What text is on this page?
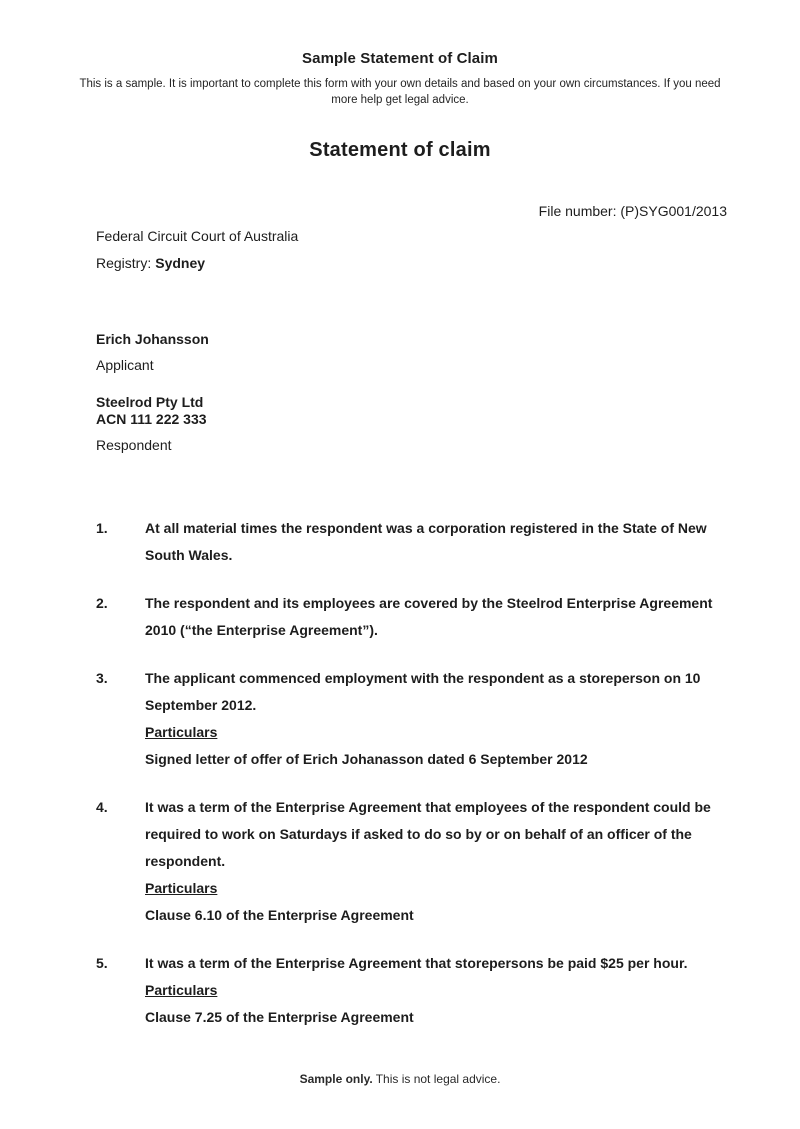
Sample Statement of Claim
This is a sample. It is important to complete this form with your own details and based on your own circumstances. If you need more help get legal advice.
Statement of claim
File number: (P)SYG001/2013
Federal Circuit Court of Australia
Registry: Sydney
Erich Johansson
Applicant
Steelrod Pty Ltd
ACN 111 222 333
Respondent
1.	At all material times the respondent was a corporation registered in the State of New South Wales.
2.	The respondent and its employees are covered by the Steelrod Enterprise Agreement 2010 (“the Enterprise Agreement”).
3.	The applicant commenced employment with the respondent as a storeperson on 10 September 2012.
Particulars
Signed letter of offer of Erich Johanasson dated 6 September 2012
4.	It was a term of the Enterprise Agreement that employees of the respondent could be required to work on Saturdays if asked to do so by or on behalf of an officer of the respondent.
Particulars
Clause 6.10 of the Enterprise Agreement
5.	It was a term of the Enterprise Agreement that storepersons be paid $25 per hour.
Particulars
Clause 7.25 of the Enterprise Agreement
Sample only. This is not legal advice.
